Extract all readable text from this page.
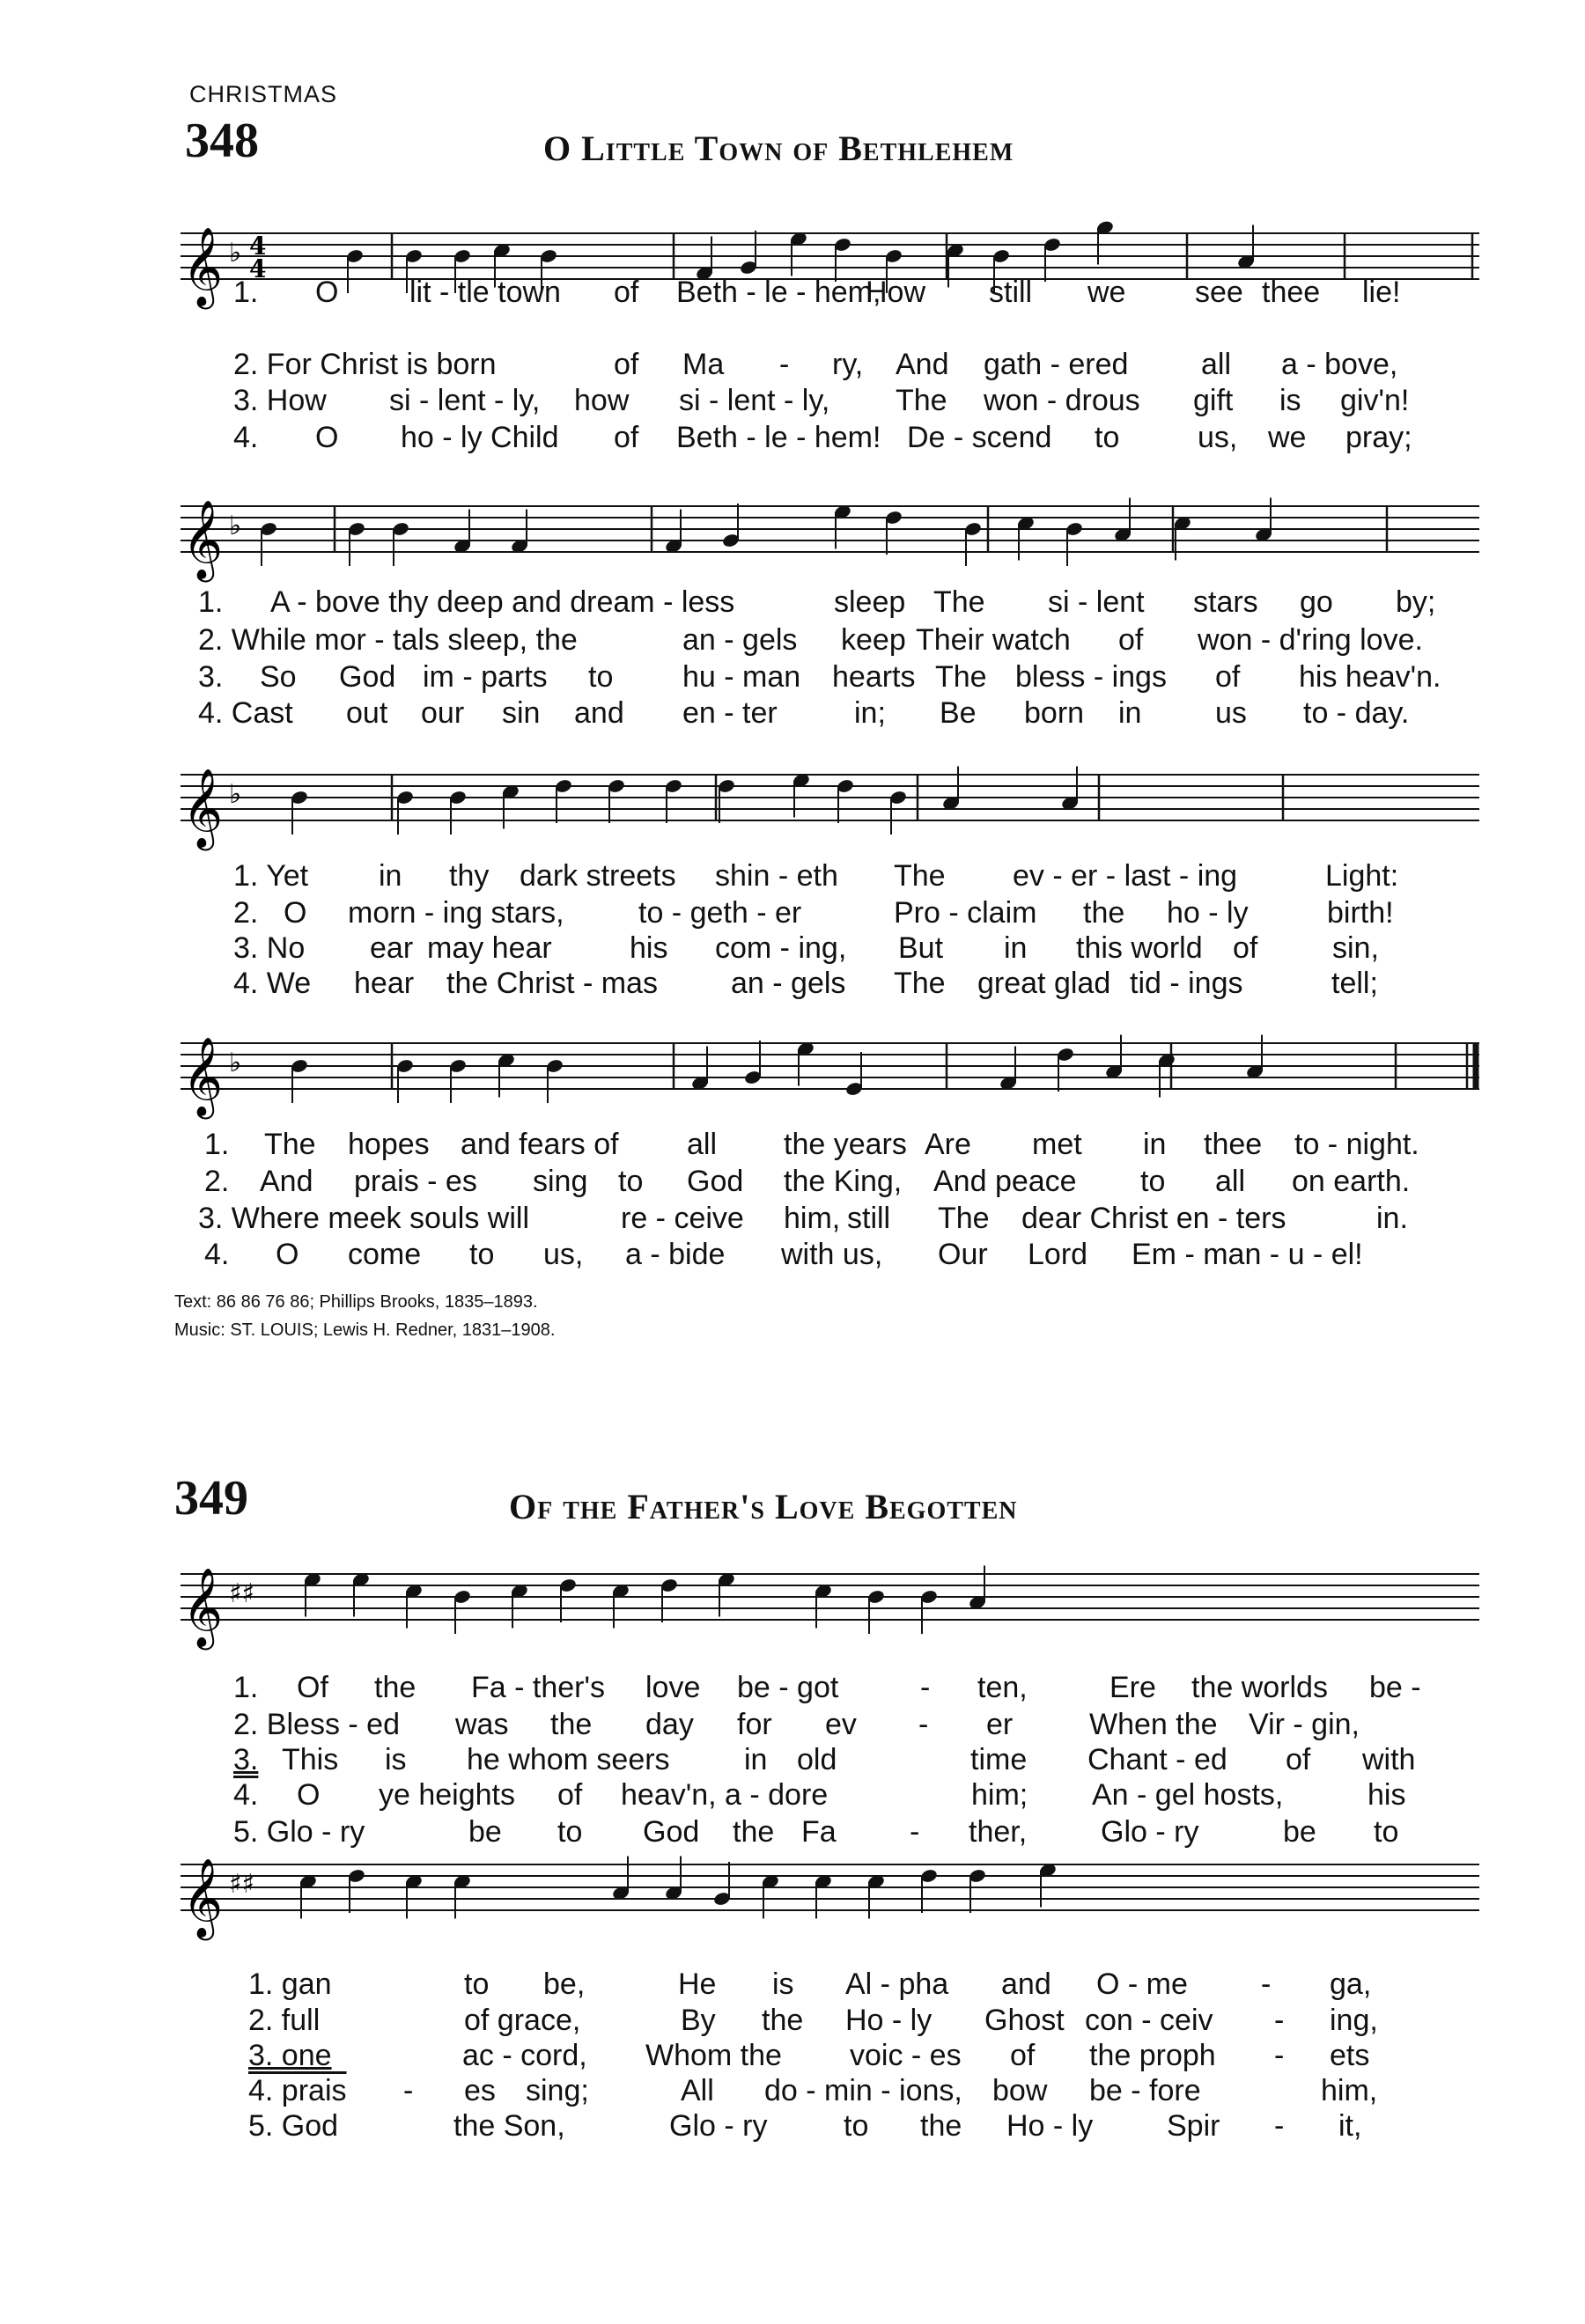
CHRISTMAS
348	O Little Town of Bethlehem
𝄞 ♭ 4
4
𝄞 ♭
𝄞 ♭
𝄞 ♭
1. O lit - tle town of Beth - le - hem,
How still we see thee lie!
2. For Christ is born	of Ma - ry, And gath - ered all a - bove,
3. How si - lent - ly, how si - lent - ly, The won - drous gift is giv'n!
4. O ho - ly Child of Beth - le - hem! De - scend to	us, we pray;
1. A - bove thy deep and dream - less	sleep The si - lent stars go by;
2. While mor - tals sleep, the	an - gels keep Their watch of won - d'ring love.
3. So God im - parts to hu - man hearts The bless - ings of his heav'n.
4. Cast out our sin and en - ter	in; Be born in us to - day.
1. Yet in thy dark streets shin - eth The ev - er - last - ing	Light:
2. O morn - ing stars, to - geth - er	Pro - claim the ho - ly	birth!
3. No ear may hear	his com - ing, But in this world of sin,
4. We hear the Christ - mas an - gels The great glad tid - ings	tell;
1. The hopes and fears of all the years Are met in thee to - night.
2. And prais - es sing to God the King, And peace to all on earth.
3. Where meek souls will	re - ceive him, still The dear Christ en - ters	in.
4. O come to us, a - bide with us, Our Lord Em - man - u - el!
Text: 86 86 76 86; Phillips Brooks, 1835–1893.
Music: ST. LOUIS; Lewis H. Redner, 1831–1908.
349	Of the Father's Love Begotten
𝄞 ♯♯
𝄞 ♯♯
1. Of the Fa - ther's love be - got	- ten,	Ere the worlds be -
2. Bless - ed was the day for ev - er	When the Vir - gin,
3. This is he whom seers in old	time Chant - ed of with
4. O ye heights of heav'n, a - dore	him; An - gel hosts,	his
5. Glo - ry	be to God the Fa - ther, Glo - ry	be to
1. gan	to be,	He is Al - pha and O - me - ga,
2. full	of grace,	By the Ho - ly Ghost con - ceiv - ing,
3. one	ac - cord, Whom the voic - es of the proph - ets
4. prais - es sing;	All do - min - ions, bow be - fore	him,
5. God	the Son,	Glo - ry	to the Ho - ly Spir - it,
